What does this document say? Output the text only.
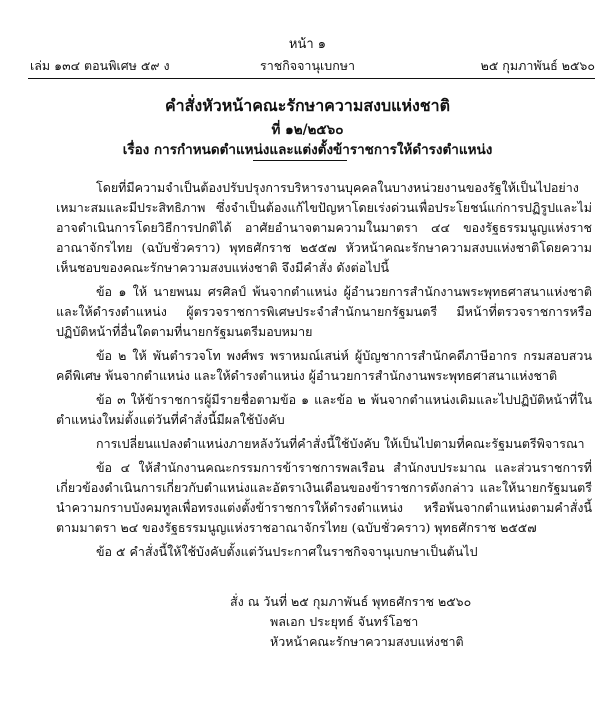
หน้า ๑
เล่ม ๑๓๔ ตอนพิเศษ ๕๙ ง	ราชกิจจานุเบกษา	๒๕ กุมภาพันธ์ ๒๕๖๐
คำสั่งหัวหน้าคณะรักษาความสงบแห่งชาติ
ที่ ๑๒/๒๕๖๐
เรื่อง การกำหนดตำแหน่งและแต่งตั้งข้าราชการให้ดำรงตำแหน่ง

โดยที่มีความจำเป็นต้องปรับปรุงการบริหารงานบุคคลในบางหน่วยงานของรัฐให้เป็นไปอย่างเหมาะสมและมีประสิทธิภาพ ซึ่งจำเป็นต้องแก้ไขปัญหาโดยเร่งด่วนเพื่อประโยชน์แก่การปฏิรูปและไม่อาจดำเนินการโดยวิธีการปกติได้ อาศัยอำนาจตามความในมาตรา ๔๔ ของรัฐธรรมนูญแห่งราชอาณาจักรไทย (ฉบับชั่วคราว) พุทธศักราช ๒๕๕๗ หัวหน้าคณะรักษาความสงบแห่งชาติโดยความเห็นชอบของคณะรักษาความสงบแห่งชาติ จึงมีคำสั่ง ดังต่อไปนี้

ข้อ ๑ ให้ นายพนม ศรศิลป์ พ้นจากตำแหน่ง ผู้อำนวยการสำนักงานพระพุทธศาสนาแห่งชาติ และให้ดำรงตำแหน่ง ผู้ตรวจราชการพิเศษประจำสำนักนายกรัฐมนตรี มีหน้าที่ตรวจราชการหรือปฏิบัติหน้าที่อื่นใดตามที่นายกรัฐมนตรีมอบหมาย

ข้อ ๒ ให้ พันตำรวจโท พงศ์พร พราหมณ์เสน่ห์ ผู้บัญชาการสำนักคดีภาษีอากร กรมสอบสวนคดีพิเศษ พ้นจากตำแหน่ง และให้ดำรงตำแหน่ง ผู้อำนวยการสำนักงานพระพุทธศาสนาแห่งชาติ

ข้อ ๓ ให้ข้าราชการผู้มีรายชื่อตามข้อ ๑ และข้อ ๒ พ้นจากตำแหน่งเดิมและไปปฏิบัติหน้าที่ในตำแหน่งใหม่ตั้งแต่วันที่คำสั่งนี้มีผลใช้บังคับ

การเปลี่ยนแปลงตำแหน่งภายหลังวันที่คำสั่งนี้ใช้บังคับ ให้เป็นไปตามที่คณะรัฐมนตรีพิจารณา

ข้อ ๔ ให้สำนักงานคณะกรรมการข้าราชการพลเรือน สำนักงบประมาณ และส่วนราชการที่เกี่ยวข้องดำเนินการเกี่ยวกับตำแหน่งและอัตราเงินเดือนของข้าราชการดังกล่าว และให้นายกรัฐมนตรีนำความกราบบังคมทูลเพื่อทรงแต่งตั้งข้าราชการให้ดำรงตำแหน่ง หรือพ้นจากตำแหน่งตามคำสั่งนี้ตามมาตรา ๒๔ ของรัฐธรรมนูญแห่งราชอาณาจักรไทย (ฉบับชั่วคราว) พุทธศักราช ๒๕๕๗

ข้อ ๕ คำสั่งนี้ให้ใช้บังคับตั้งแต่วันประกาศในราชกิจจานุเบกษาเป็นต้นไป

สั่ง ณ วันที่ ๒๕ กุมภาพันธ์ พุทธศักราช ๒๕๖๐
พลเอก ประยุทธ์ จันทร์โอชา
หัวหน้าคณะรักษาความสงบแห่งชาติ
